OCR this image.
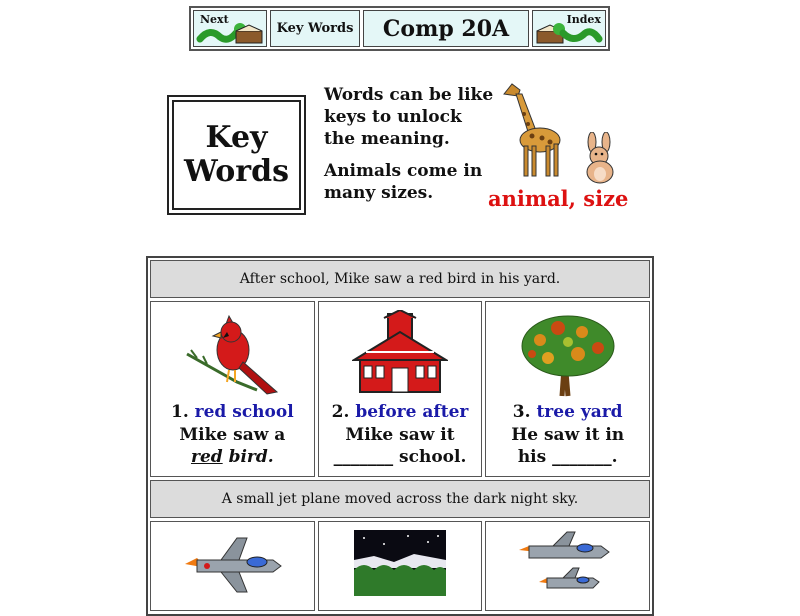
Next
Key Words Comp 20A	Index
Key
Words

Words can be like keys to unlock the meaning.

Animals come in many sizes.	animal, size
After school, Mike saw a red bird in his yard.
1. red school
Mike saw a
red bird.
2. before after
Mike saw it
_______ school.
3. tree yard
He saw it in
his _______.
A small jet plane moved across the dark night sky.
